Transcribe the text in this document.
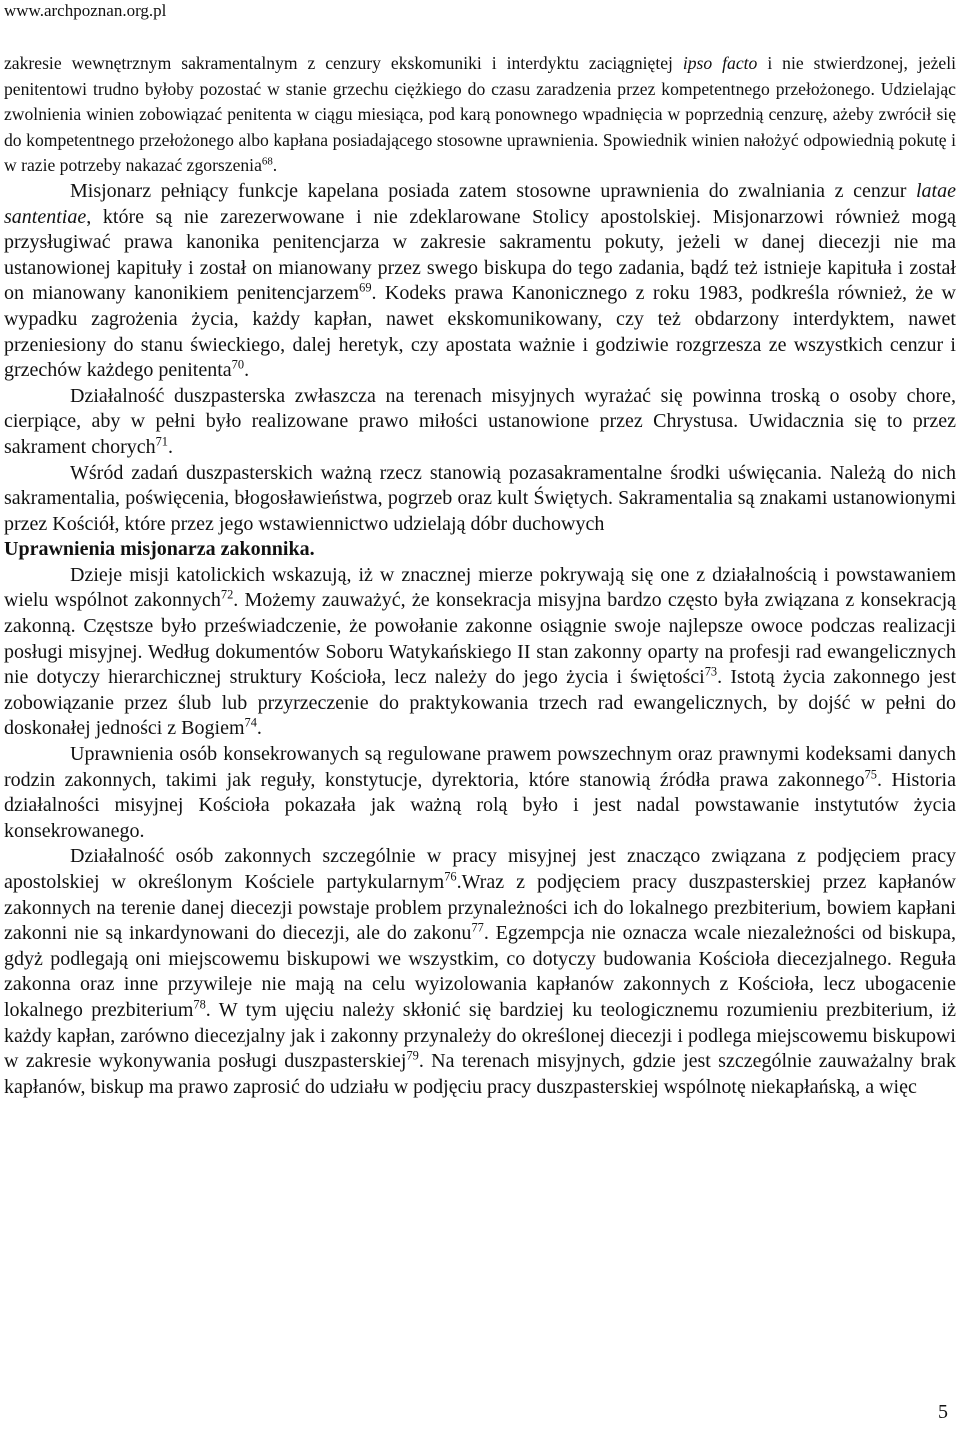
www.archpoznan.org.pl

zakresie wewnętrznym sakramentalnym z cenzury ekskomuniki i interdyktu zaciągniętej ipso facto i nie stwierdzonej, jeżeli penitentowi trudno byłoby pozostać w stanie grzechu ciężkiego do czasu zaradzenia przez kompetentnego przełożonego. Udzielając zwolnienia winien zobowiązać penitenta w ciągu miesiąca, pod karą ponownego wpadnięcia w poprzednią cenzurę, ażeby zwrócił się do kompetentnego przełożonego albo kapłana posiadającego stosowne uprawnienia. Spowiednik winien nałożyć odpowiednią pokutę i w razie potrzeby nakazać zgorszenia$^{68}$.

Misjonarz pełniący funkcje kapelana posiada zatem stosowne uprawnienia do zwalniania z cenzur latae santentiae, które są nie zarezerwowane i nie zdeklarowane Stolicy apostolskiej. Misjonarzowi również mogą przysługiwać prawa kanonika penitencjarza w zakresie sakramentu pokuty, jeżeli w danej diecezji nie ma ustanowionej kapituły i został on mianowany przez swego biskupa do tego zadania, bądź też istnieje kapituła i został on mianowany kanonikiem penitencjarzem$^{69}$. Kodeks prawa Kanonicznego z roku 1983, podkreśla również, że w wypadku zagrożenia życia, każdy kapłan, nawet ekskomunikowany, czy też obdarzony interdyktem, nawet przeniesiony do stanu świeckiego, dalej heretyk, czy apostata ważnie i godziwie rozgrzesza ze wszystkich cenzur i grzechów każdego penitenta$^{70}$.

Działalność duszpasterska zwłaszcza na terenach misyjnych wyrażać się powinna troską o osoby chore, cierpiące, aby w pełni było realizowane prawo miłości ustanowione przez Chrystusa. Uwidacznia się to przez sakrament chorych$^{71}$.

Wśród zadań duszpasterskich ważną rzecz stanowią pozasakramentalne środki uświęcania. Należą do nich sakramentalia, poświęcenia, błogosławieństwa, pogrzeb oraz kult Świętych. Sakramentalia są znakami ustanowionymi przez Kościół, które przez jego wstawiennictwo udzielają dóbr duchowych

Uprawnienia misjonarza zakonnika.

Dzieje misji katolickich wskazują, iż w znacznej mierze pokrywają się one z działalnością i powstawaniem wielu wspólnot zakonnych$^{72}$. Możemy zauważyć, że konsekracja misyjna bardzo często była związana z konsekracją zakonną. Częstsze było przeświadczenie, że powołanie zakonne osiągnie swoje najlepsze owoce podczas realizacji posługi misyjnej. Według dokumentów Soboru Watykańskiego II stan zakonny oparty na profesji rad ewangelicznych nie dotyczy hierarchicznej struktury Kościoła, lecz należy do jego życia i świętości$^{73}$. Istotą życia zakonnego jest zobowiązanie przez ślub lub przyrzeczenie do praktykowania trzech rad ewangelicznych, by dojść w pełni do doskonałej jedności z Bogiem$^{74}$.

Uprawnienia osób konsekrowanych są regulowane prawem powszechnym oraz prawnymi kodeksami danych rodzin zakonnych, takimi jak reguły, konstytucje, dyrektoria, które stanowią źródła prawa zakonnego$^{75}$. Historia działalności misyjnej Kościoła pokazała jak ważną rolą było i jest nadal powstawanie instytutów życia konsekrowanego.

Działalność osób zakonnych szczególnie w pracy misyjnej jest znacząco związana z podjęciem pracy apostolskiej w określonym Kościele partykularnym$^{76}$.Wraz z podjęciem pracy duszpasterskiej przez kapłanów zakonnych na terenie danej diecezji powstaje problem przynależności ich do lokalnego prezbiterium, bowiem kapłani zakonni nie są inkardynowani do diecezji, ale do zakonu$^{77}$. Egzempcja nie oznacza wcale niezależności od biskupa, gdyż podlegają oni miejscowemu biskupowi we wszystkim, co dotyczy budowania Kościoła diecezjalnego. Reguła zakonna oraz inne przywileje nie mają na celu wyizolowania kapłanów zakonnych z Kościoła, lecz ubogacenie lokalnego prezbiterium$^{78}$. W tym ujęciu należy skłonić się bardziej ku teologicznemu rozumieniu prezbiterium, iż każdy kapłan, zarówno diecezjalny jak i zakonny przynależy do określonej diecezji i podlega miejscowemu biskupowi w zakresie wykonywania posługi duszpasterskiej$^{79}$. Na terenach misyjnych, gdzie jest szczególnie zauważalny brak kapłanów, biskup ma prawo zaprosić do udziału w podjęciu pracy duszpasterskiej wspólnotę niekapłańską, a więc

5
